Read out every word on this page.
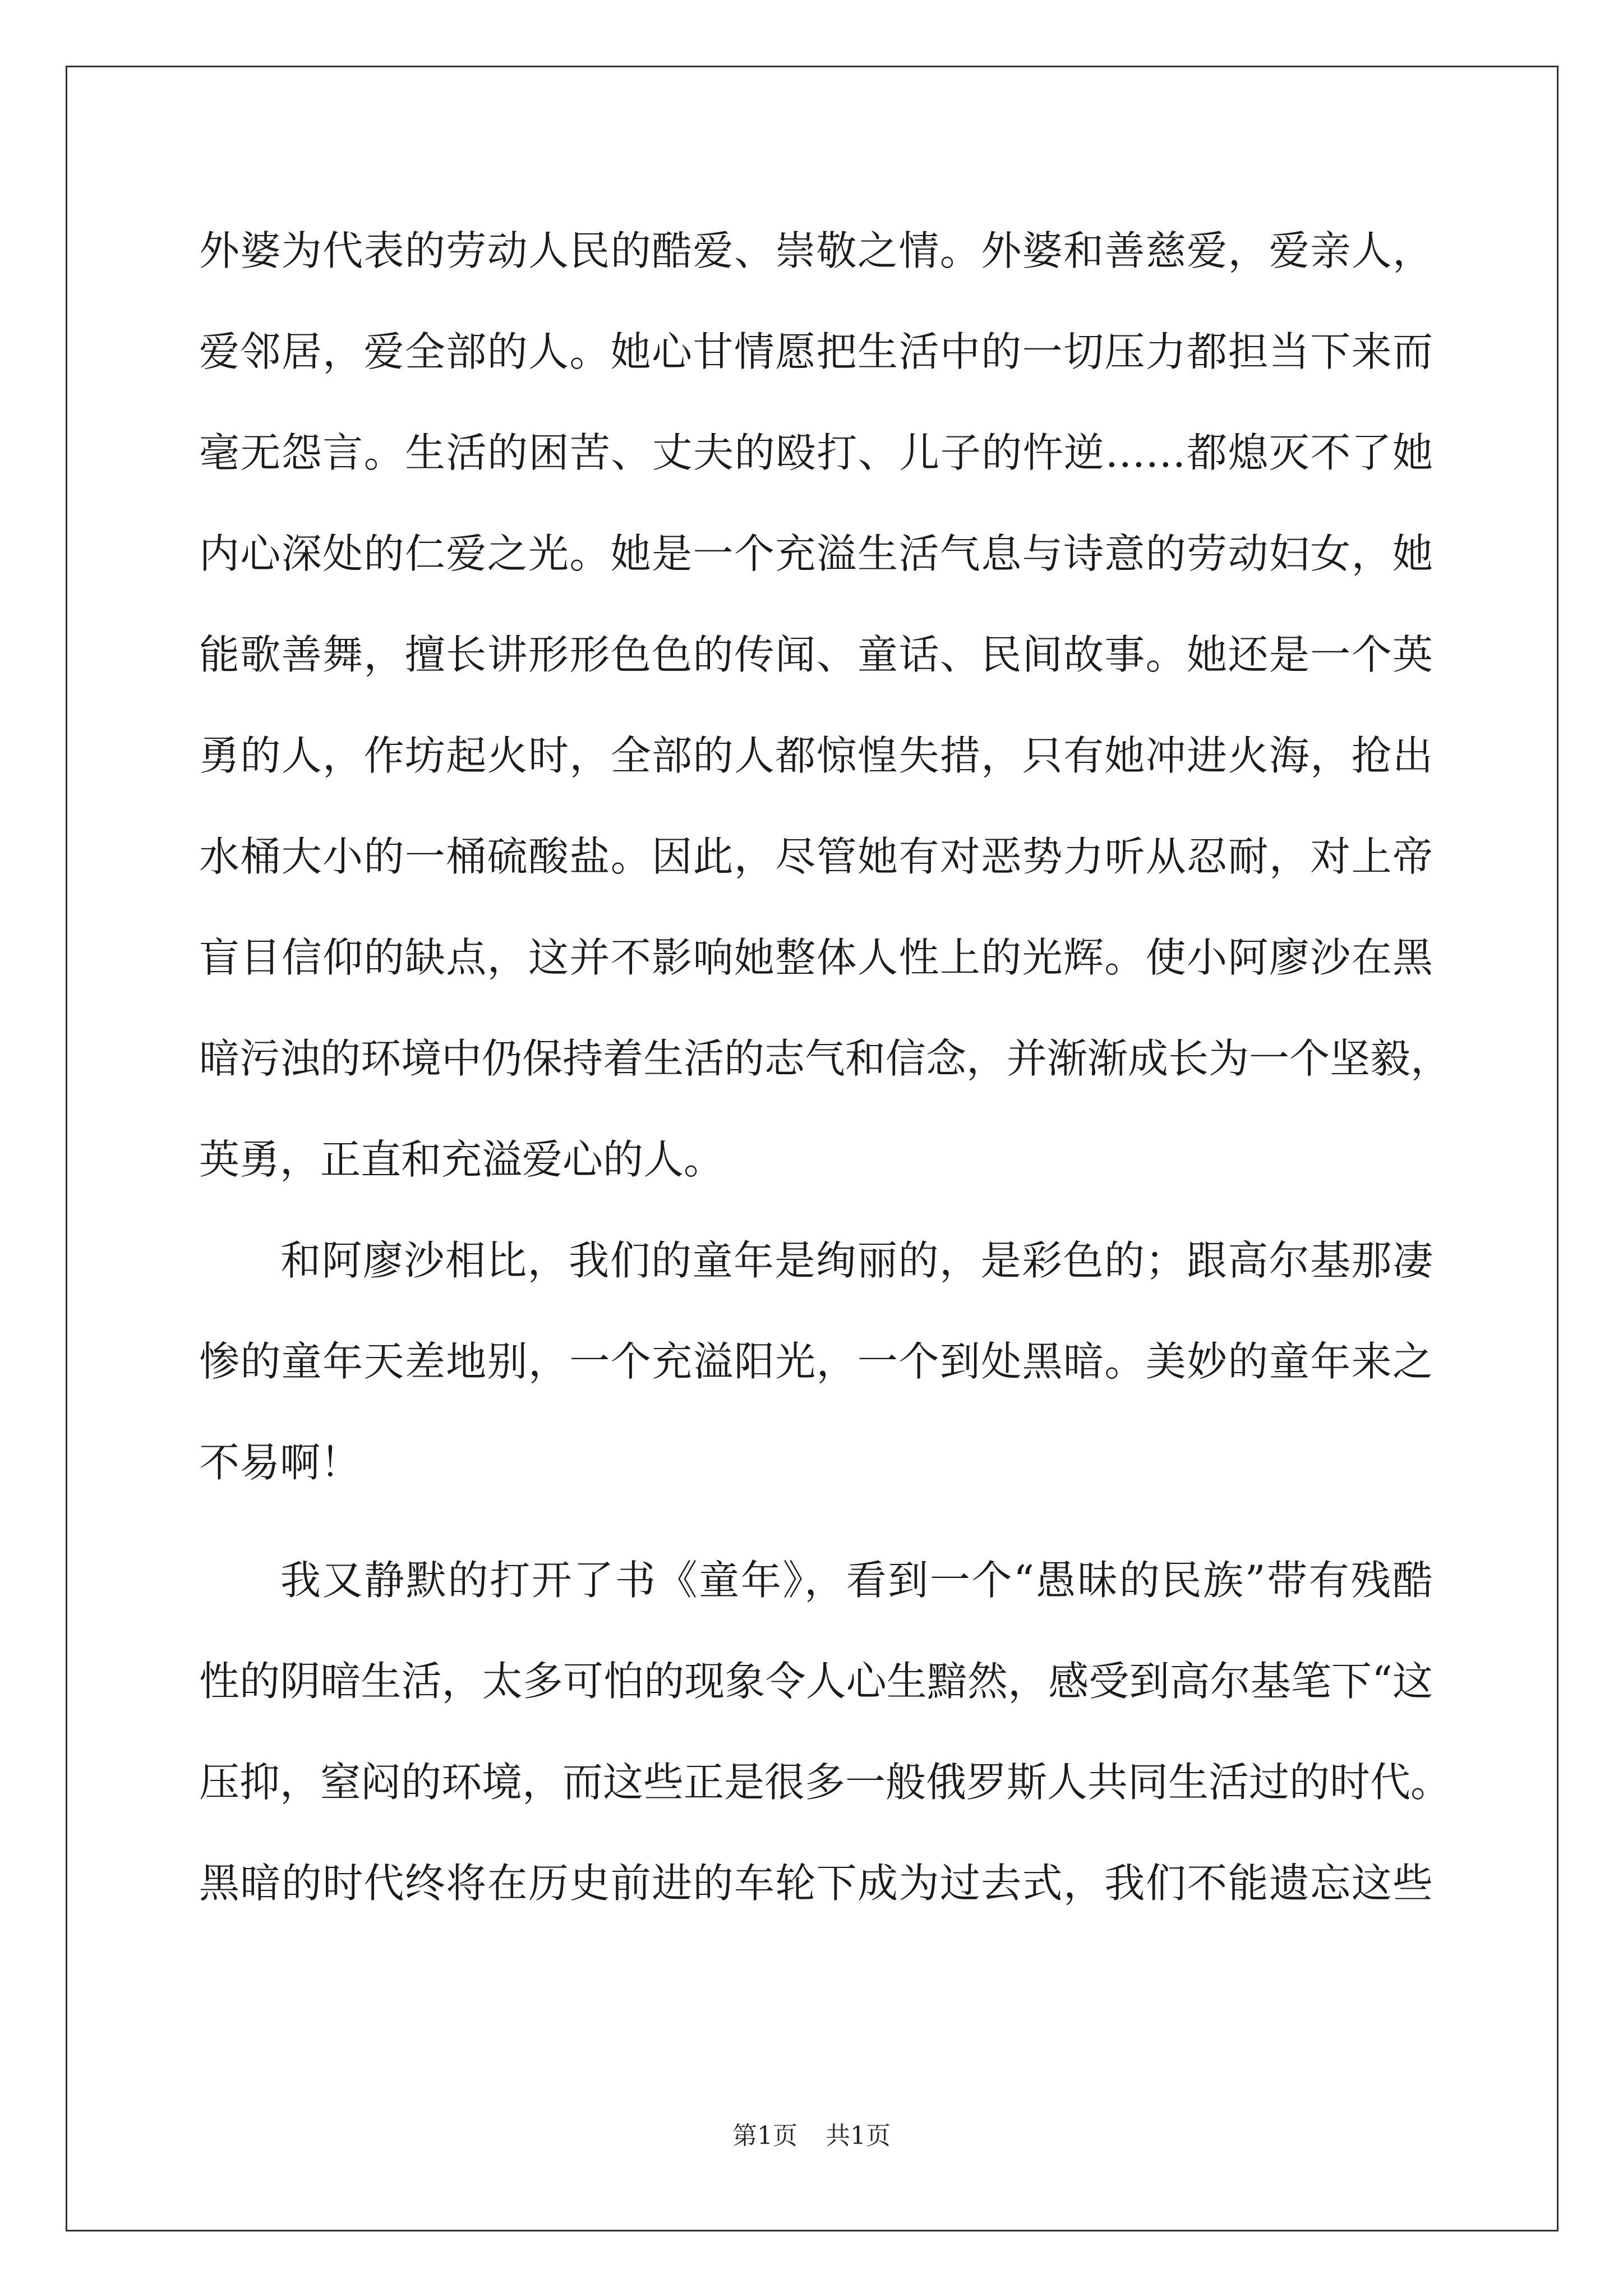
外婆为代表的劳动人民的酷爱、崇敬之情。外婆和善慈爱，爱亲人，
爱邻居，爱全部的人。她心甘情愿把生活中的一切压力都担当下来而
毫无怨言。生活的困苦、丈夫的殴打、儿子的忤逆……都熄灭不了她
内心深处的仁爱之光。她是一个充溢生活气息与诗意的劳动妇女，她
能歌善舞，擅长讲形形色色的传闻、童话、民间故事。她还是一个英
勇的人，作坊起火时，全部的人都惊惶失措，只有她冲进火海，抢出
水桶大小的一桶硫酸盐。因此，尽管她有对恶势力听从忍耐，对上帝
盲目信仰的缺点，这并不影响她整体人性上的光辉。使小阿廖沙在黑
暗污浊的环境中仍保持着生活的志气和信念，并渐渐成长为一个坚毅，
英勇，正直和充溢爱心的人。
和阿廖沙相比，我们的童年是绚丽的，是彩色的；跟高尔基那凄
惨的童年天差地别，一个充溢阳光，一个到处黑暗。美妙的童年来之
不易啊！
我又静默的打开了书《童年》，看到一个“愚昧的民族”带有残酷
性的阴暗生活，太多可怕的现象令人心生黯然，感受到高尔基笔下“这
压抑，窒闷的环境，而这些正是很多一般俄罗斯人共同生活过的时代。
黑暗的时代终将在历史前进的车轮下成为过去式，我们不能遗忘这些
第1页 共1页
